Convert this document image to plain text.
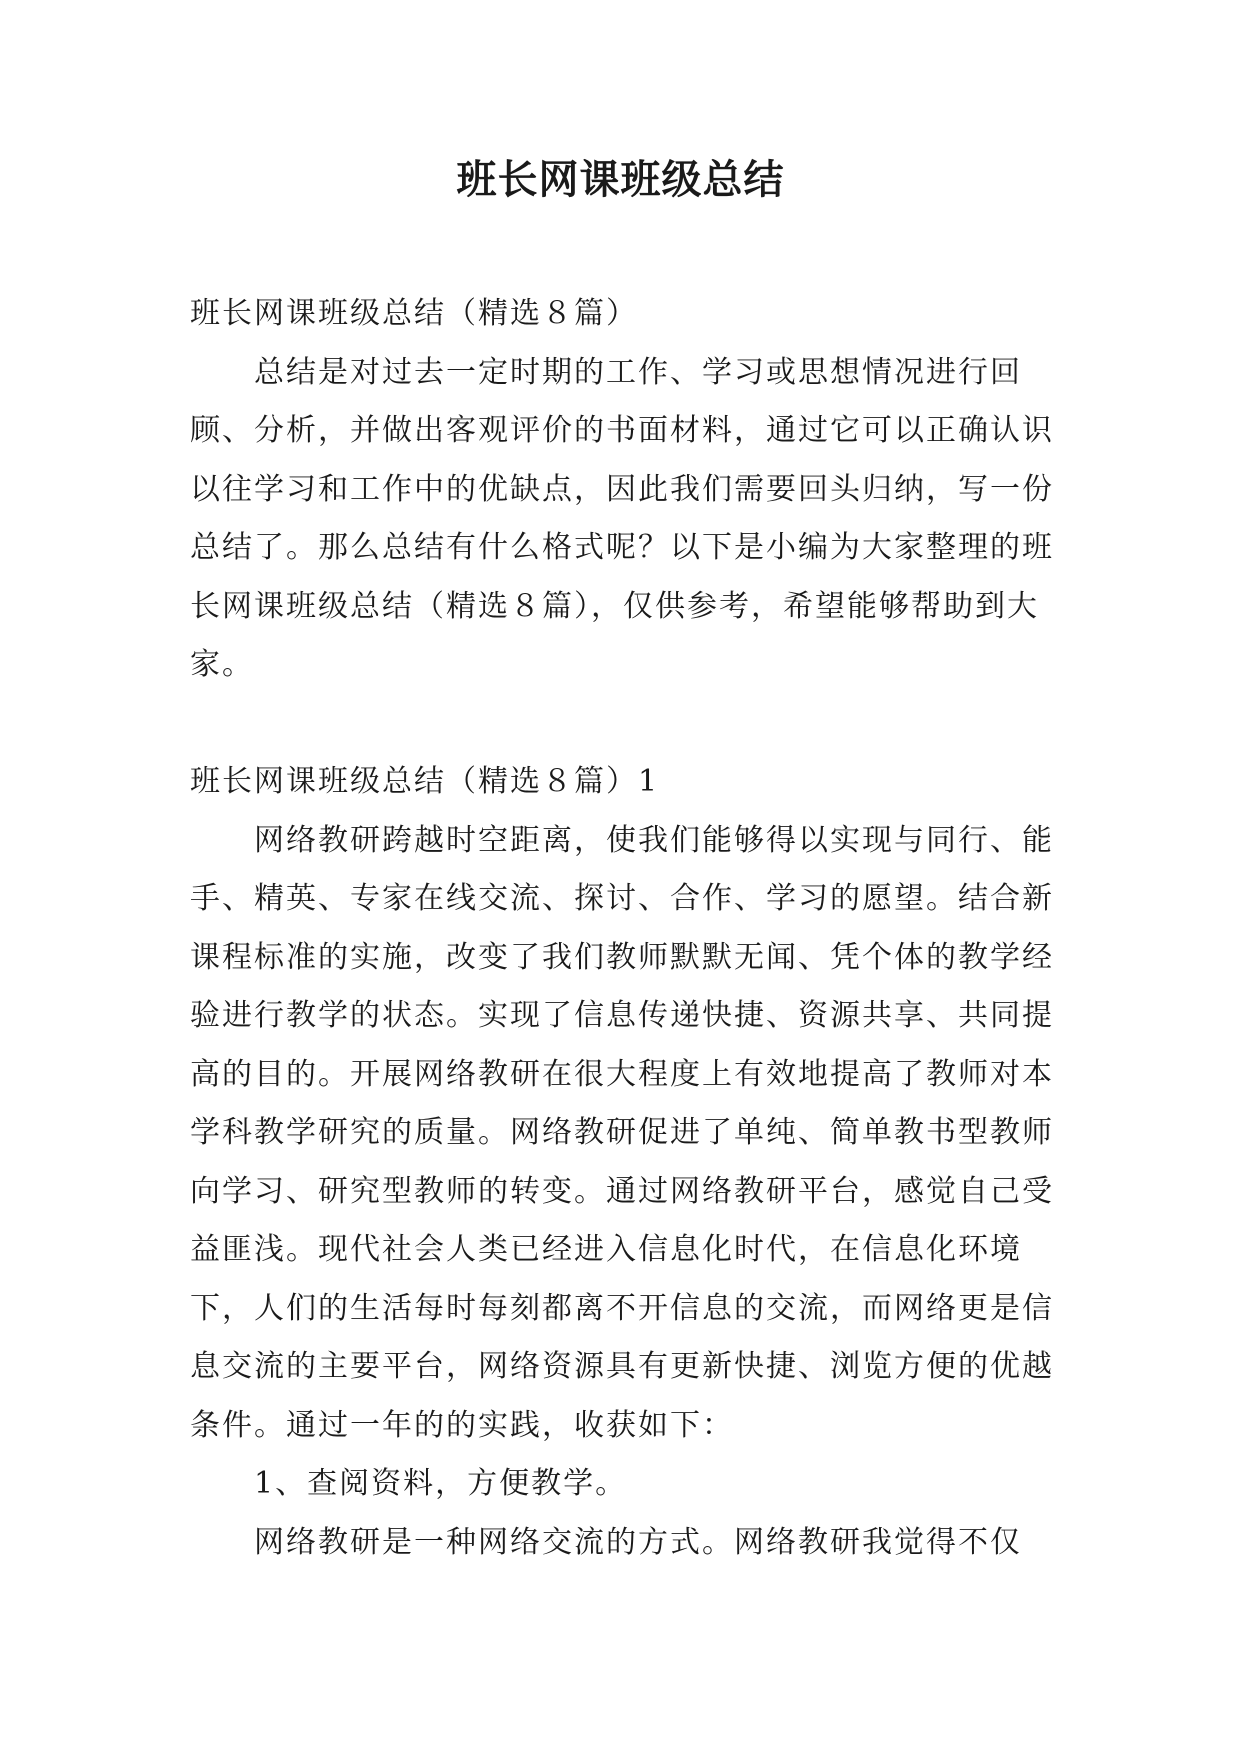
班长网课班级总结

班长网课班级总结（精选８篇）

总结是对过去一定时期的工作、学习或思想情况进行回顾、分析，并做出客观评价的书面材料，通过它可以正确认识以往学习和工作中的优缺点，因此我们需要回头归纳，写一份总结了。那么总结有什么格式呢？以下是小编为大家整理的班长网课班级总结（精选８篇），仅供参考，希望能够帮助到大家。

班长网课班级总结（精选８篇）1

网络教研跨越时空距离，使我们能够得以实现与同行、能手、精英、专家在线交流、探讨、合作、学习的愿望。结合新课程标准的实施，改变了我们教师默默无闻、凭个体的教学经验进行教学的状态。实现了信息传递快捷、资源共享、共同提高的目的。开展网络教研在很大程度上有效地提高了教师对本学科教学研究的质量。网络教研促进了单纯、简单教书型教师向学习、研究型教师的转变。通过网络教研平台，感觉自己受益匪浅。现代社会人类已经进入信息化时代，在信息化环境下，人们的生活每时每刻都离不开信息的交流，而网络更是信息交流的主要平台，网络资源具有更新快捷、浏览方便的优越条件。通过一年的的实践，收获如下：

1、查阅资料，方便教学。

网络教研是一种网络交流的方式。网络教研我觉得不仅
